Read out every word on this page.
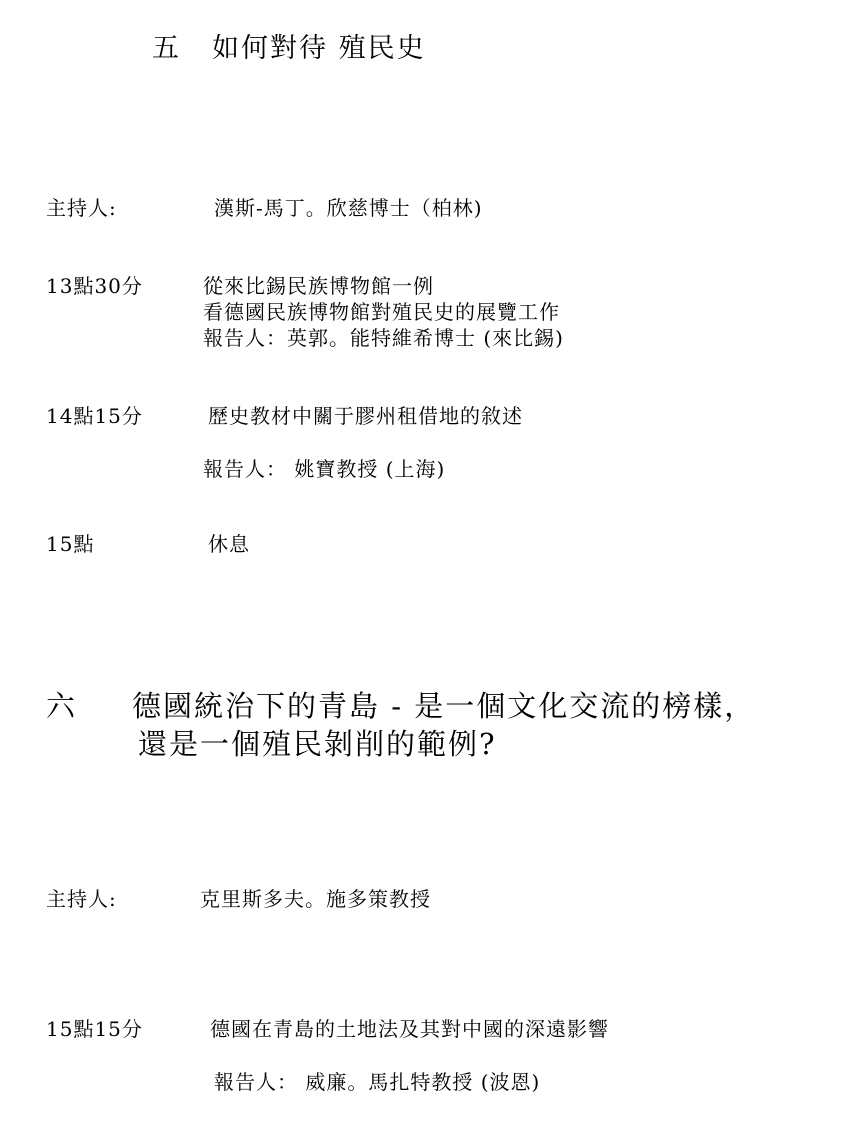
五 如何對待 殖民史
主持人:	漢斯-馬丁。欣慈博士（柏林)
13點30分	從來比錫民族博物館一例
看德國民族博物館對殖民史的展覽工作
報告人：英郭。能特維希博士 (來比錫)
14點15分	歷史教材中關于膠州租借地的敘述
報告人： 姚寶教授 (上海)
15點	休息
六 德國統治下的青島 - 是一個文化交流的榜樣，
還是一個殖民剝削的範例?
主持人:	克里斯多夫。施多策教授
15點15分	德國在青島的土地法及其對中國的深遠影響
報告人： 威廉。馬扎特教授 (波恩)
